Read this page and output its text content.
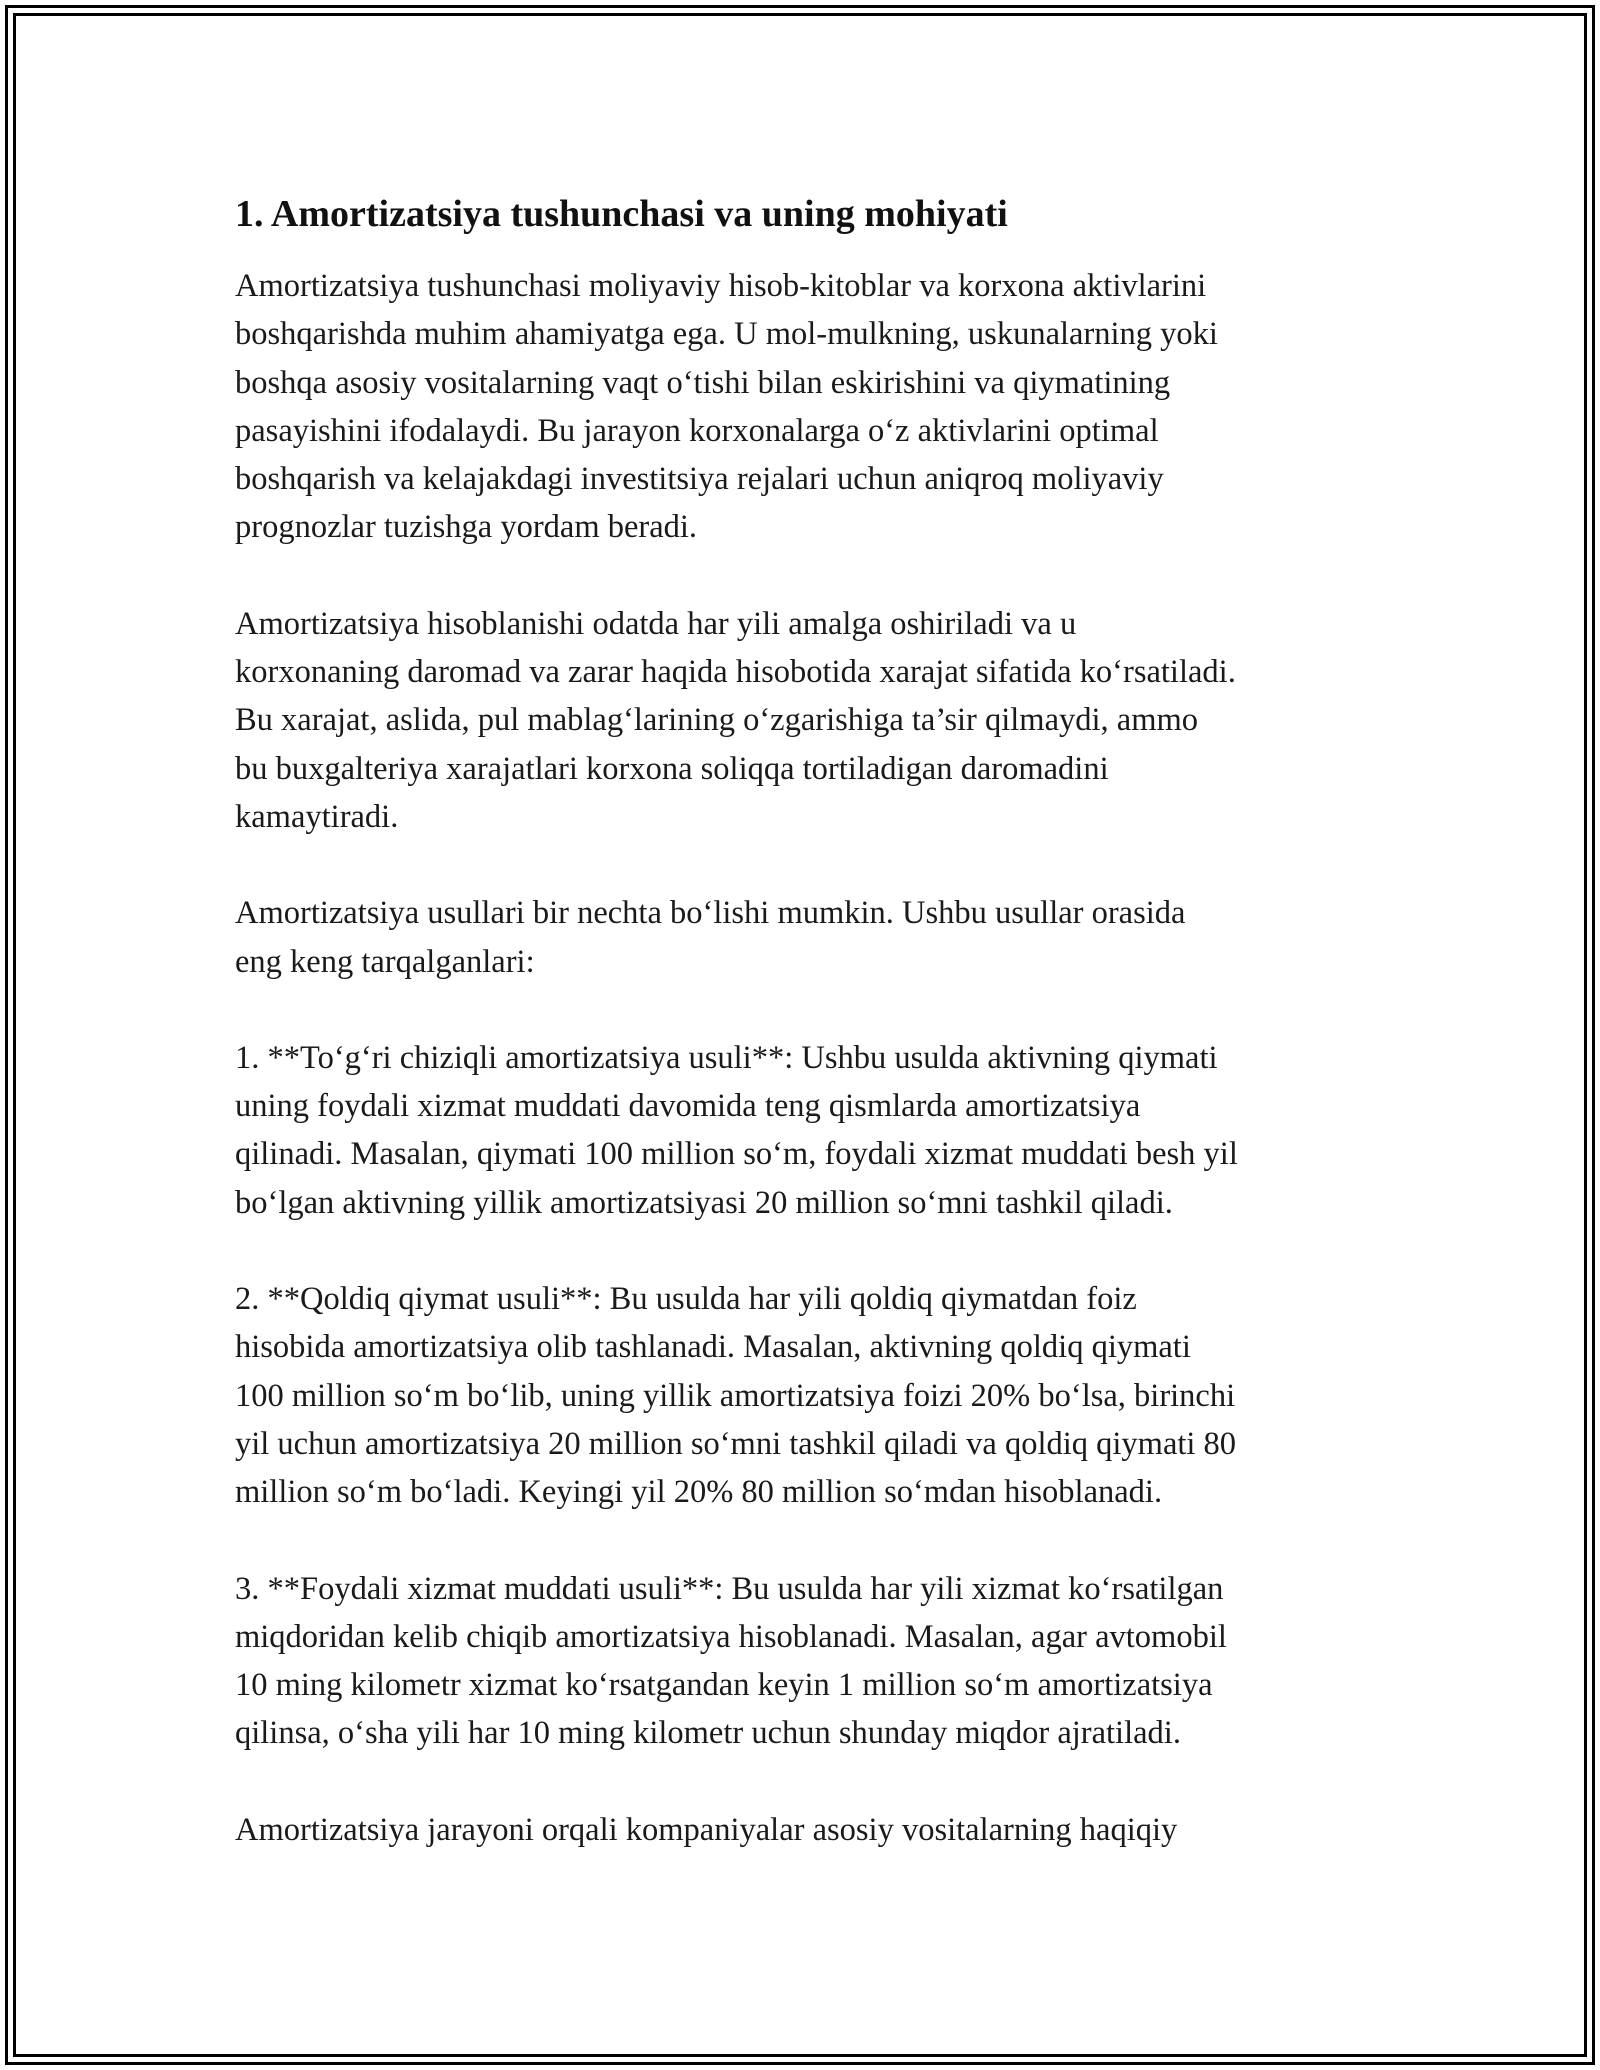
1. Amortizatsiya tushunchasi va uning mohiyati

Amortizatsiya tushunchasi moliyaviy hisob-kitoblar va korxona aktivlarini
boshqarishda muhim ahamiyatga ega. U mol-mulkning, uskunalarning yoki
boshqa asosiy vositalarning vaqt o‘tishi bilan eskirishini va qiymatining
pasayishini ifodalaydi. Bu jarayon korxonalarga o‘z aktivlarini optimal
boshqarish va kelajakdagi investitsiya rejalari uchun aniqroq moliyaviy
prognozlar tuzishga yordam beradi.

Amortizatsiya hisoblanishi odatda har yili amalga oshiriladi va u
korxonaning daromad va zarar haqida hisobotida xarajat sifatida ko‘rsatiladi.
Bu xarajat, aslida, pul mablag‘larining o‘zgarishiga ta’sir qilmaydi, ammo
bu buxgalteriya xarajatlari korxona soliqqa tortiladigan daromadini
kamaytiradi.

Amortizatsiya usullari bir nechta bo‘lishi mumkin. Ushbu usullar orasida
eng keng tarqalganlari:

1. **To‘g‘ri chiziqli amortizatsiya usuli**: Ushbu usulda aktivning qiymati
uning foydali xizmat muddati davomida teng qismlarda amortizatsiya
qilinadi. Masalan, qiymati 100 million so‘m, foydali xizmat muddati besh yil
bo‘lgan aktivning yillik amortizatsiyasi 20 million so‘mni tashkil qiladi.

2. **Qoldiq qiymat usuli**: Bu usulda har yili qoldiq qiymatdan foiz
hisobida amortizatsiya olib tashlanadi. Masalan, aktivning qoldiq qiymati
100 million so‘m bo‘lib, uning yillik amortizatsiya foizi 20% bo‘lsa, birinchi
yil uchun amortizatsiya 20 million so‘mni tashkil qiladi va qoldiq qiymati 80
million so‘m bo‘ladi. Keyingi yil 20% 80 million so‘mdan hisoblanadi.

3. **Foydali xizmat muddati usuli**: Bu usulda har yili xizmat ko‘rsatilgan
miqdoridan kelib chiqib amortizatsiya hisoblanadi. Masalan, agar avtomobil
10 ming kilometr xizmat ko‘rsatgandan keyin 1 million so‘m amortizatsiya
qilinsa, o‘sha yili har 10 ming kilometr uchun shunday miqdor ajratiladi.

Amortizatsiya jarayoni orqali kompaniyalar asosiy vositalarning haqiqiy
